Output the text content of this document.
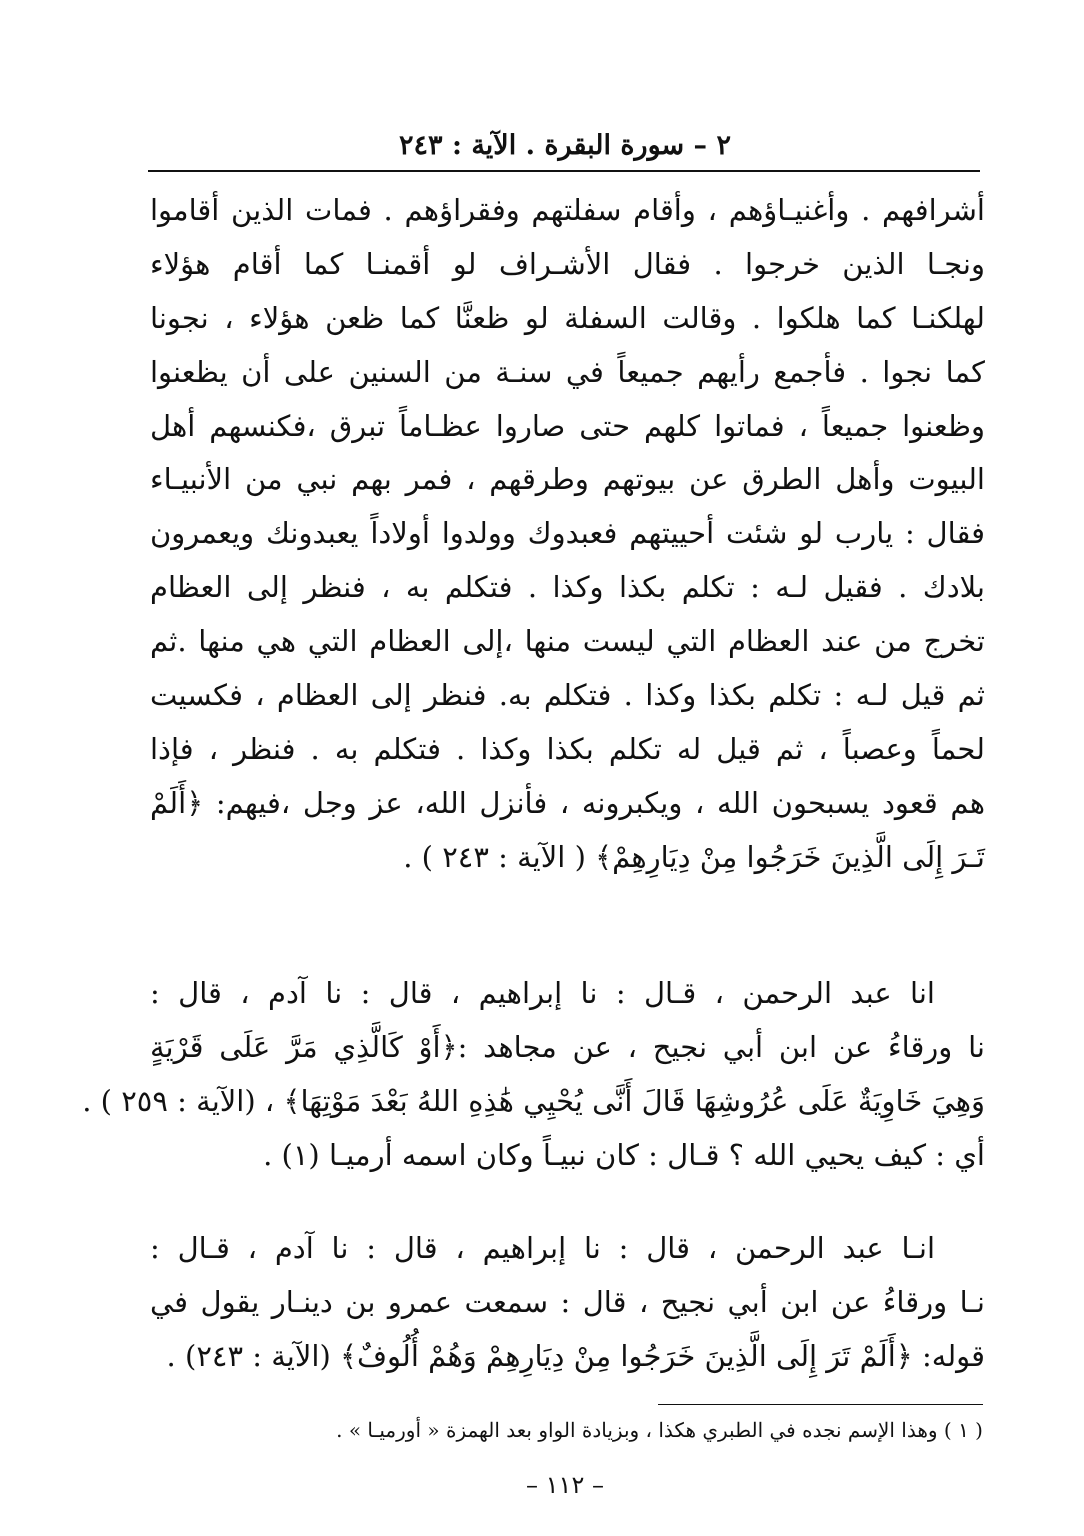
٢ – سورة البقرة . الآية : ٢٤٣
أشرافهم . وأغنيـاؤهم ، وأقام سفلتهم وفقراؤهم . فمات الذين أقاموا
ونجـا الذين خرجوا . فقال الأشـراف لو أقمنـا كما أقام هؤلاء
لهلكنـا كما هلكوا . وقالت السفلة لو ظعنَّا كما ظعن هؤلاء ، نجونا
كما نجوا . فأجمع رأيهم جميعاً في سنـة من السنين على أن يظعنوا
وظعنوا جميعاً ، فماتوا كلهم حتى صاروا عظـاماً تبرق ،فكنسهم أهل
البيوت وأهل الطرق عن بيوتهم وطرقهم ، فمر بهم نبي من الأنبيـاء
فقال : يارب لو شئت أحييتهم فعبدوك وولدوا أولاداً يعبدونك ويعمرون
بلادك . فقيل لـه : تكلم بكذا وكذا . فتكلم به ، فنظر إلى العظام
تخرج من عند العظام التي ليست منها ،إلى العظام التي هي منها .ثم
ثم قيل لـه : تكلم بكذا وكذا . فتكلم به. فنظر إلى العظام ، فكسيت
لحماً وعصباً ، ثم قيل له تكلم بكذا وكذا . فتكلم به . فنظر ، فإذا
هم قعود يسبحون الله ، ويكبرونه ، فأنزل الله، عز وجل ،فيهم: ﴿أَلَمْ
تَـرَ إِلَى الَّذِينَ خَرَجُوا مِنْ دِيَارِهِمْ﴾ ( الآية : ٢٤٣ ) .
انا عبد الرحمن ، قـال : نا إبراهيم ، قال : نا آدم ، قال :
نا ورقاءُ عن ابن أبي نجيح ، عن مجاهد :﴿أَوْ كَالَّذِي مَرَّ عَلَى قَرْيَةٍ
وَهِيَ خَاوِيَةٌ عَلَى عُرُوشِهَا قَالَ أَنَّى يُحْيِي هَٰذِهِ اللهُ بَعْدَ مَوْتِهَا﴾ ، (الآية : ٢٥٩ ) .
أي : كيف يحيي الله ؟ قـال : كان نبيـاً وكان اسمه أرميـا (١) .
انـا عبد الرحمن ، قال : نا إبراهيم ، قال : نا آدم ، قـال :
نـا ورقاءُ عن ابن أبي نجيح ، قال : سمعت عمرو بن دينـار يقول في
قوله: ﴿أَلَمْ تَرَ إِلَى الَّذِينَ خَرَجُوا مِنْ دِيَارِهِمْ وَهُمْ أُلُوفٌ﴾ (الآية : ٢٤٣) .
( ١ ) وهذا الإسم نجده في الطبري هكذا ، وبزيادة الواو بعد الهمزة « أورميـا » .
– ١١٢ –
